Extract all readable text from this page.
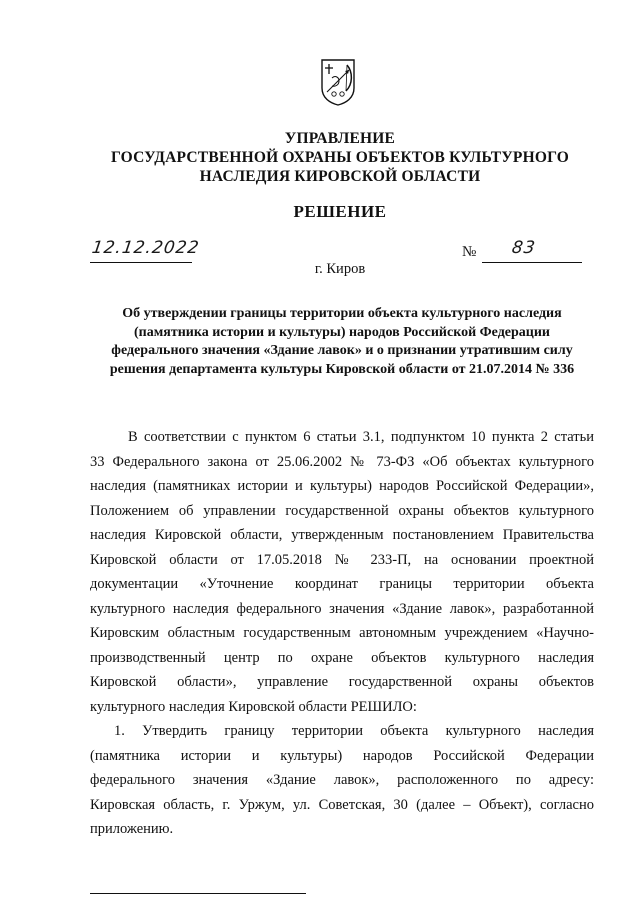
УПРАВЛЕНИЕ
ГОСУДАРСТВЕННОЙ ОХРАНЫ ОБЪЕКТОВ КУЛЬТУРНОГО
НАСЛЕДИЯ КИРОВСКОЙ ОБЛАСТИ
РЕШЕНИЕ
12.12.2022	№ 83
г. Киров
Об утверждении границы территории объекта культурного наследия
(памятника истории и культуры) народов Российской Федерации
федерального значения «Здание лавок» и о признании утратившим силу
решения департамента культуры Кировской области от 21.07.2014 № 336
В соответствии с пунктом 6 статьи 3.1, подпунктом 10 пункта 2 статьи
33 Федерального закона от 25.06.2002 № 73-ФЗ «Об объектах культурного
наследия (памятниках истории и культуры) народов Российской Федерации»,
Положением об управлении государственной охраны объектов культурного
наследия Кировской области, утвержденным постановлением Правительства
Кировской области от 17.05.2018 № 233-П, на основании проектной
документации «Уточнение координат границы территории объекта
культурного наследия федерального значения «Здание лавок», разработанной
Кировским областным государственным автономным учреждением «Научно-
производственный центр по охране объектов культурного наследия
Кировской области», управление государственной охраны объектов
культурного наследия Кировской области РЕШИЛО:
1. Утвердить границу территории объекта культурного наследия
(памятника истории и культуры) народов Российской Федерации
федерального значения «Здание лавок», расположенного по адресу:
Кировская область, г. Уржум, ул. Советская, 30 (далее – Объект), согласно
приложению.
